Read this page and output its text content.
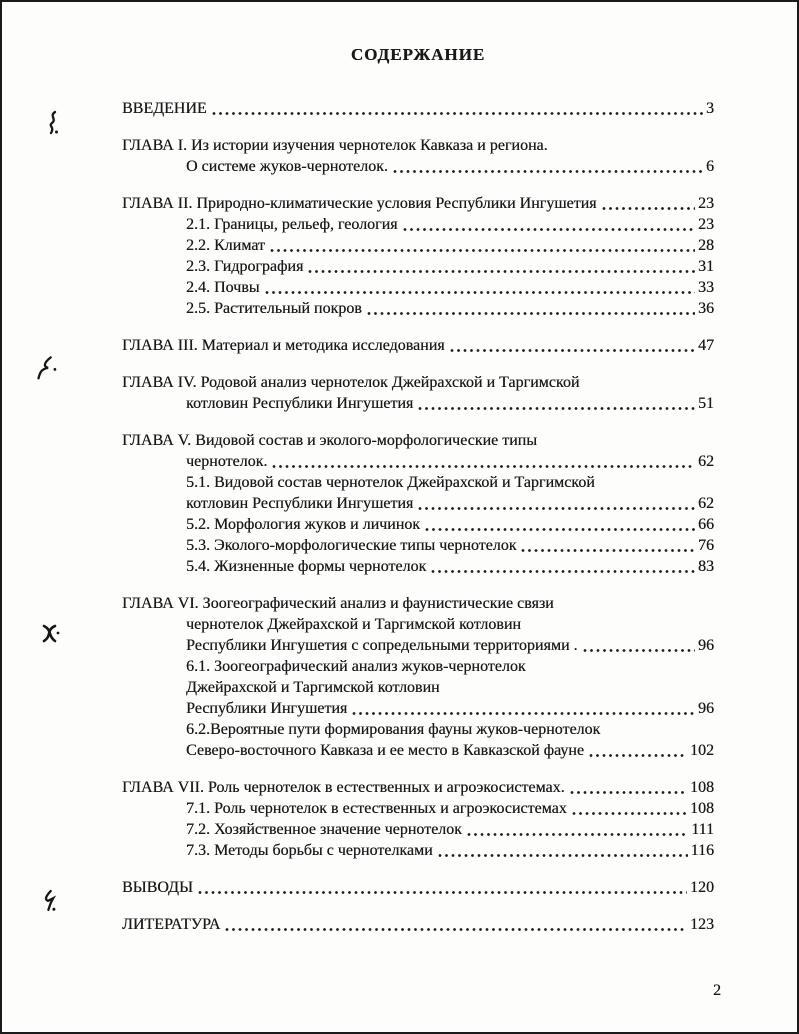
СОДЕРЖАНИЕ
ВВЕДЕНИЕ	3
ГЛАВА I. Из истории изучения чернотелок Кавказа и региона.
О системе жуков-чернотелок.	6
ГЛАВА II. Природно-климатические условия Республики Ингушетия	23
2.1. Границы, рельеф, геология	23
2.2. Климат	28
2.3. Гидрография	31
2.4. Почвы	33
2.5. Растительный покров	36
ГЛАВА III. Материал и методика исследования	47
ГЛАВА IV. Родовой анализ чернотелок Джейрахской и Таргимской
котловин Республики Ингушетия	51
ГЛАВА V. Видовой состав и эколого-морфологические типы
чернотелок.	62
5.1. Видовой состав чернотелок Джейрахской и Таргимской
котловин Республики Ингушетия	62
5.2. Морфология жуков и личинок	66
5.3. Эколого-морфологические типы чернотелок	76
5.4. Жизненные формы чернотелок	83
ГЛАВА VI. Зоогеографический анализ и фаунистические связи
чернотелок Джейрахской и Таргимской котловин
Республики Ингушетия с сопредельными территориями .	96
6.1. Зоогеографический анализ жуков-чернотелок
Джейрахской и Таргимской котловин
Республики Ингушетия	96
6.2.Вероятные пути формирования фауны жуков-чернотелок
Северо-восточного Кавказа и ее место в Кавказской фауне	102
ГЛАВА VII. Роль чернотелок в естественных и агроэкосистемах.	108
7.1. Роль чернотелок в естественных и агроэкосистемах	108
7.2. Хозяйственное значение чернотелок	111
7.3. Методы борьбы с чернотелками	116
ВЫВОДЫ	120
ЛИТЕРАТУРА	123
2
